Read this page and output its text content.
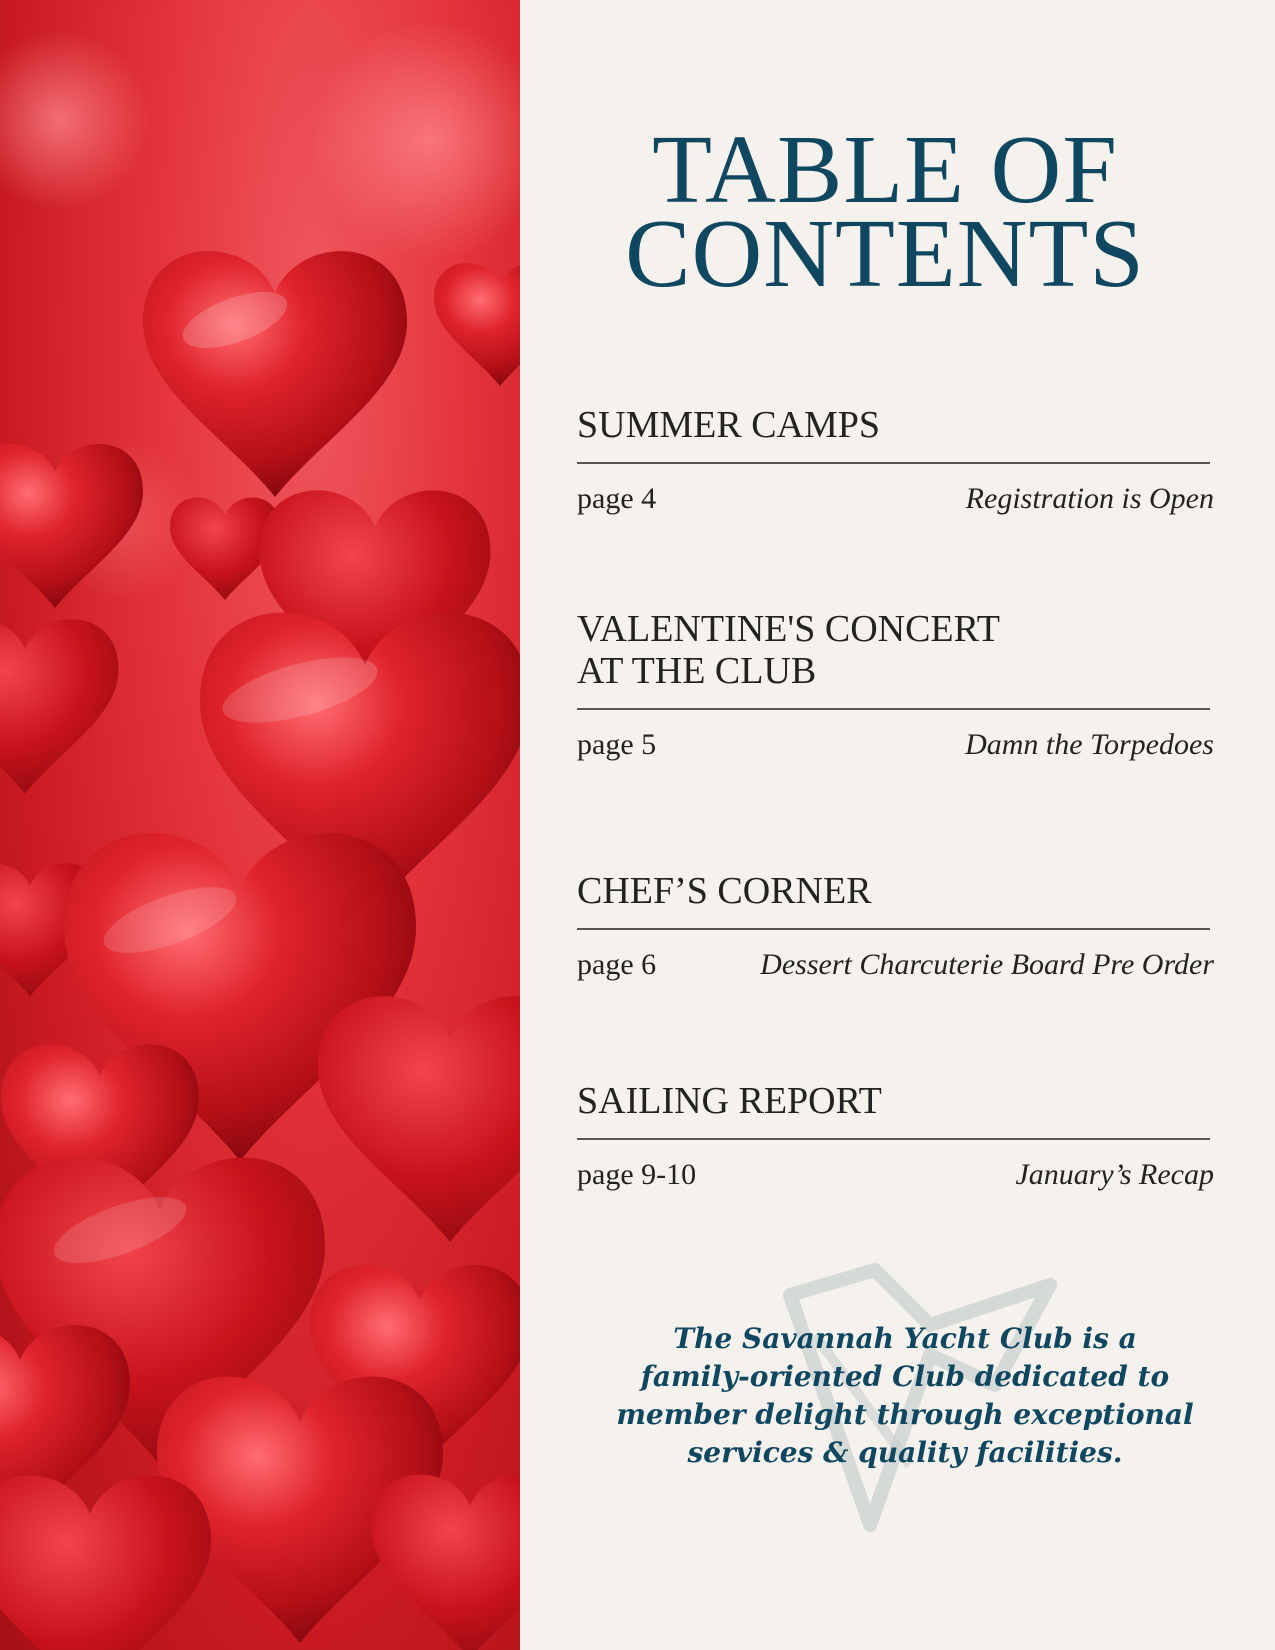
TABLE OF
CONTENTS
SUMMER CAMPS
page 4	Registration is Open
VALENTINE'S CONCERT
AT THE CLUB
page 5	Damn the Torpedoes
CHEF’S CORNER
page 6	Dessert Charcuterie Board Pre Order
SAILING REPORT
page 9-10	January’s Recap
The Savannah Yacht Club is a
family-oriented Club dedicated to
member delight through exceptional
services & quality facilities.
